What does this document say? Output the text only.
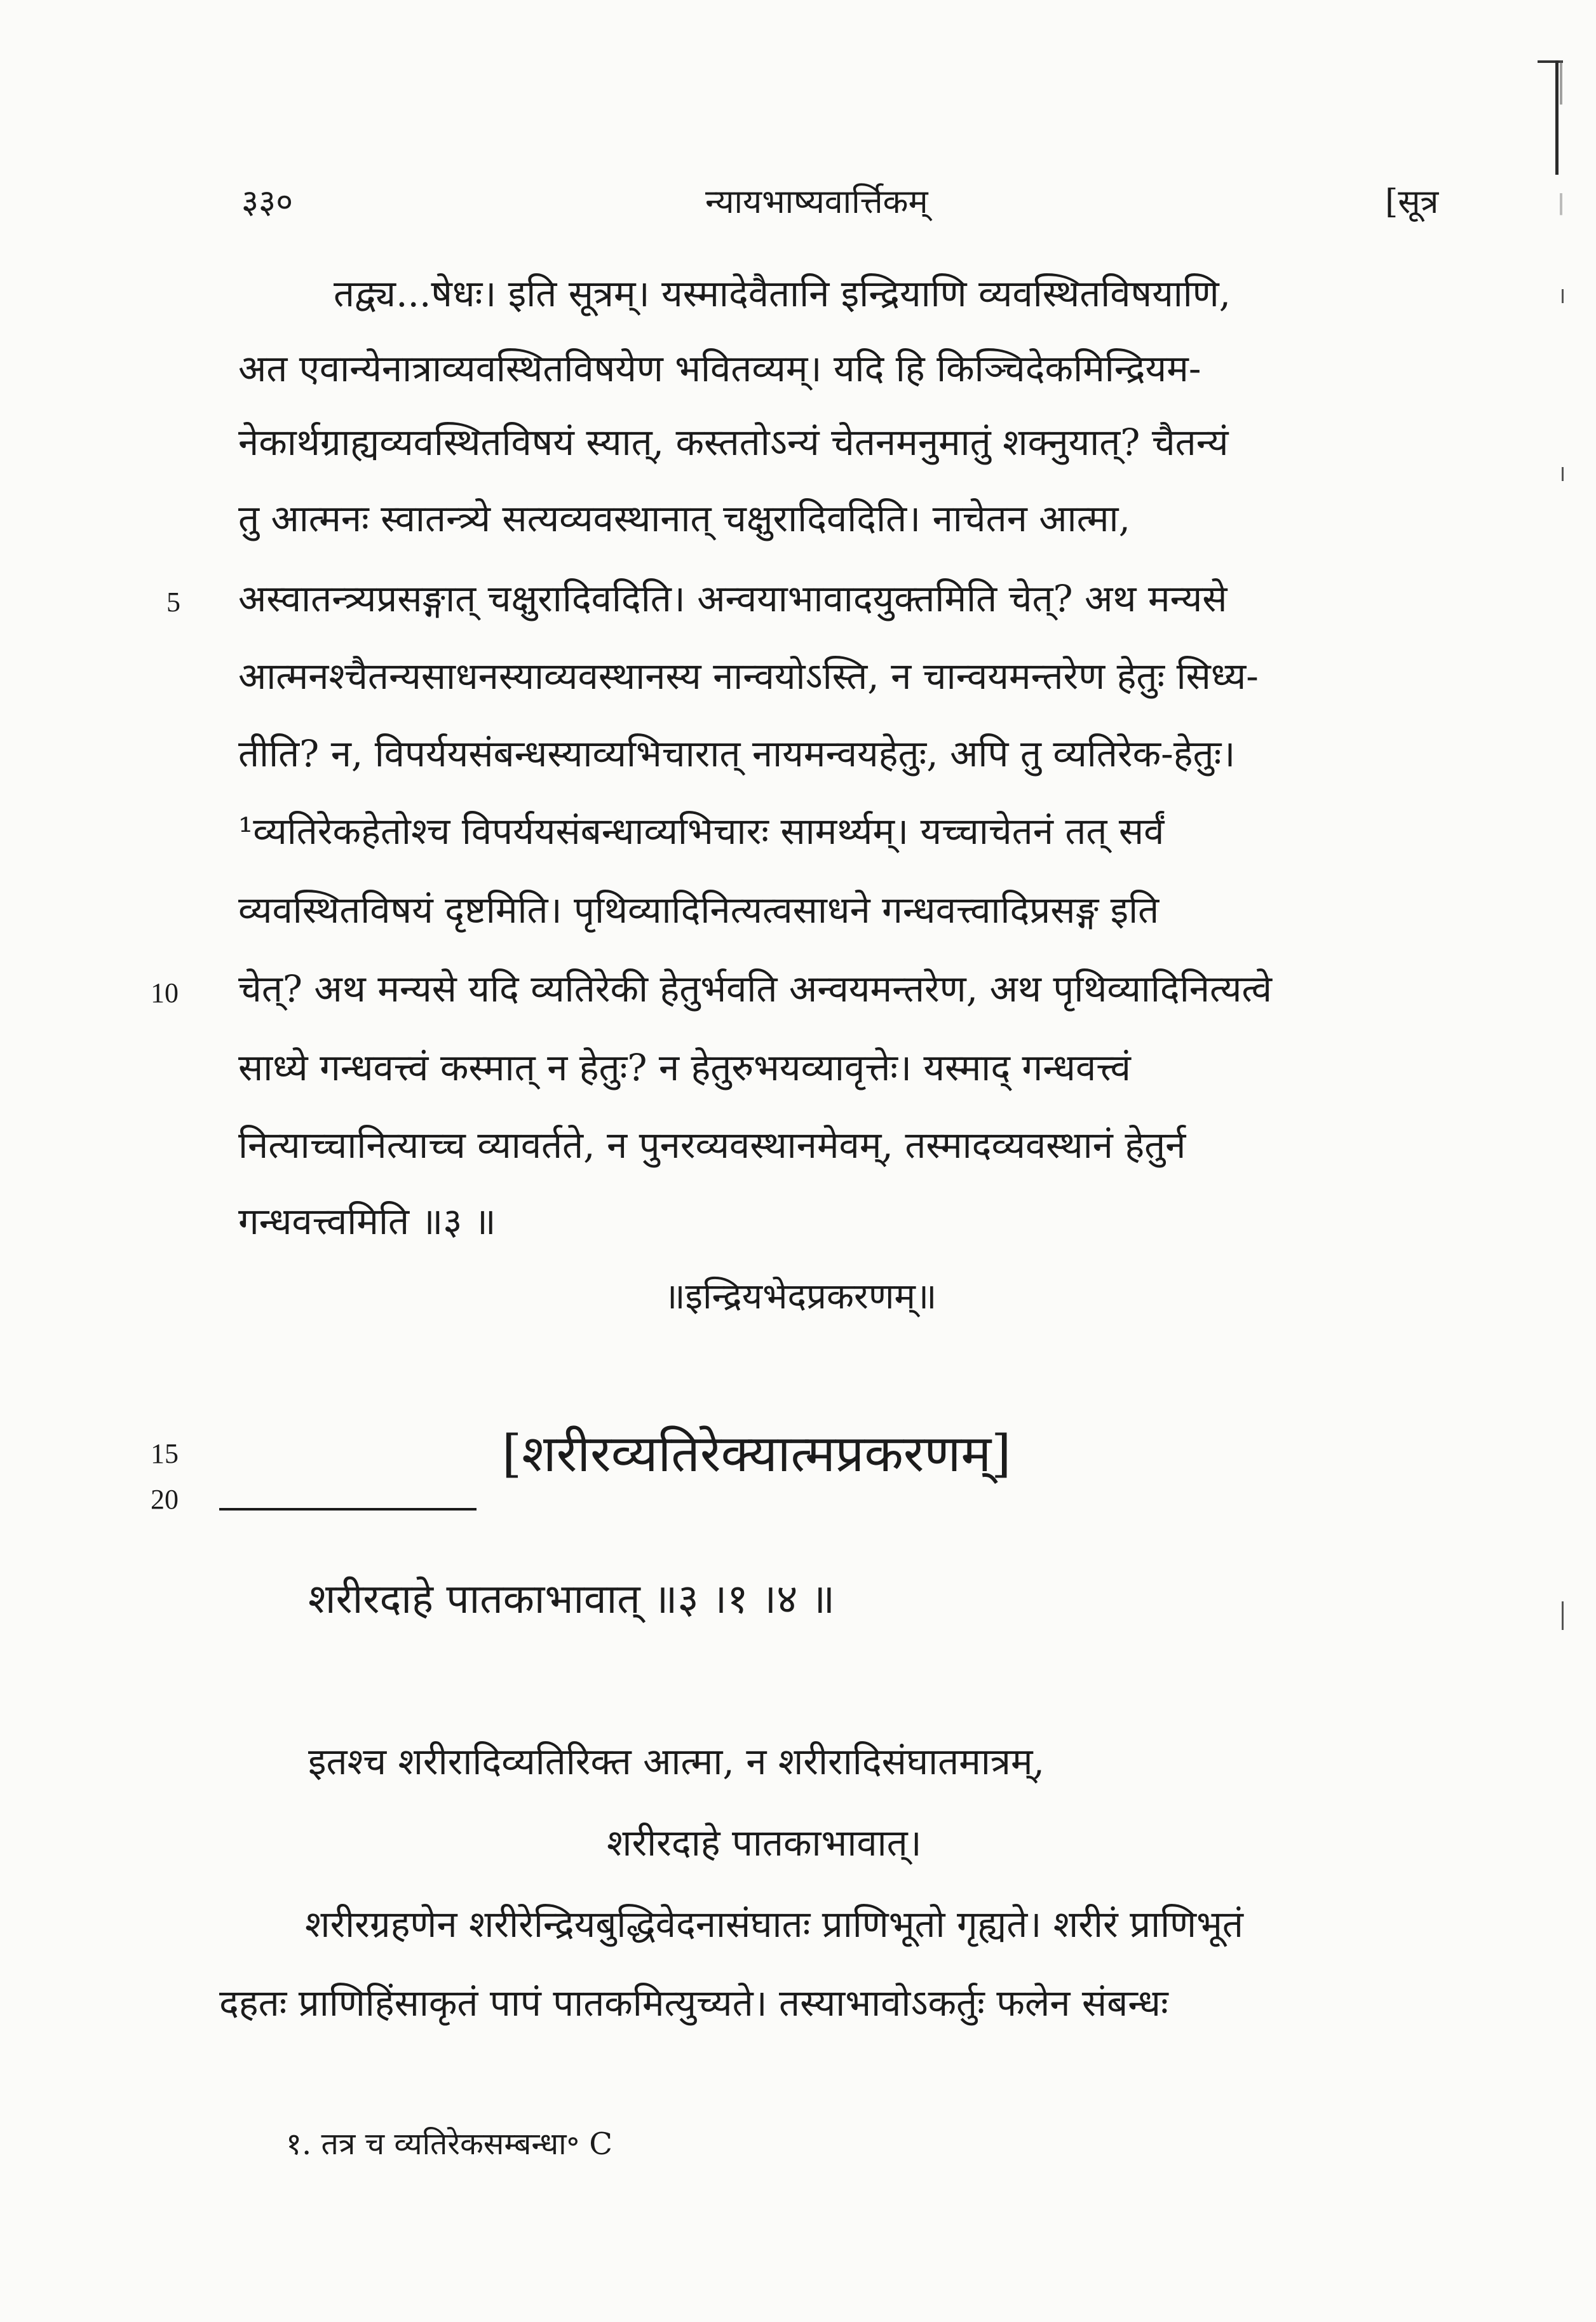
३३०	न्यायभाष्यवार्त्तिकम्	[सूत्र
5
10
15
20
तद्व्य...षेधः। इति सूत्रम्। यस्मादेवैतानि इन्द्रियाणि व्यवस्थितविषयाणि,
अत एवान्येनात्राव्यवस्थितविषयेण भवितव्यम्। यदि हि किञ्चिदेकमिन्द्रियम-
नेकार्थग्राह्यव्यवस्थितविषयं स्यात्, कस्ततोऽन्यं चेतनमनुमातुं शक्नुयात्? चैतन्यं
तु आत्मनः स्वातन्त्र्ये सत्यव्यवस्थानात् चक्षुरादिवदिति। नाचेतन आत्मा,
अस्वातन्त्र्यप्रसङ्गात् चक्षुरादिवदिति। अन्वयाभावादयुक्तमिति चेत्? अथ मन्यसे
आत्मनश्चैतन्यसाधनस्याव्यवस्थानस्य नान्वयोऽस्ति, न चान्वयमन्तरेण हेतुः सिध्य-
तीति? न, विपर्ययसंबन्धस्याव्यभिचारात् नायमन्वयहेतुः, अपि तु व्यतिरेक-हेतुः।
¹व्यतिरेकहेतोश्च विपर्ययसंबन्धाव्यभिचारः सामर्थ्यम्। यच्चाचेतनं तत् सर्वं
व्यवस्थितविषयं दृष्टमिति। पृथिव्यादिनित्यत्वसाधने गन्धवत्त्वादिप्रसङ्ग इति
चेत्? अथ मन्यसे यदि व्यतिरेकी हेतुर्भवति अन्वयमन्तरेण, अथ पृथिव्यादिनित्यत्वे
साध्ये गन्धवत्त्वं कस्मात् न हेतुः? न हेतुरुभयव्यावृत्तेः। यस्माद् गन्धवत्त्वं
नित्याच्चानित्याच्च व्यावर्तते, न पुनरव्यवस्थानमेवम्, तस्मादव्यवस्थानं हेतुर्न
गन्धवत्त्वमिति ॥३ ॥
॥इन्द्रियभेदप्रकरणम्॥
[शरीरव्यतिरेक्यात्मप्रकरणम्]
शरीरदाहे पातकाभावात् ॥३ ।१ ।४ ॥
इतश्च शरीरादिव्यतिरिक्त आत्मा, न शरीरादिसंघातमात्रम्,
शरीरदाहे पातकाभावात्।
शरीरग्रहणेन शरीरेन्द्रियबुद्धिवेदनासंघातः प्राणिभूतो गृह्यते। शरीरं प्राणिभूतं
दहतः प्राणिहिंसाकृतं पापं पातकमित्युच्यते। तस्याभावोऽकर्तुः फलेन संबन्धः
१. तत्र च व्यतिरेकसम्बन्धा॰ C
